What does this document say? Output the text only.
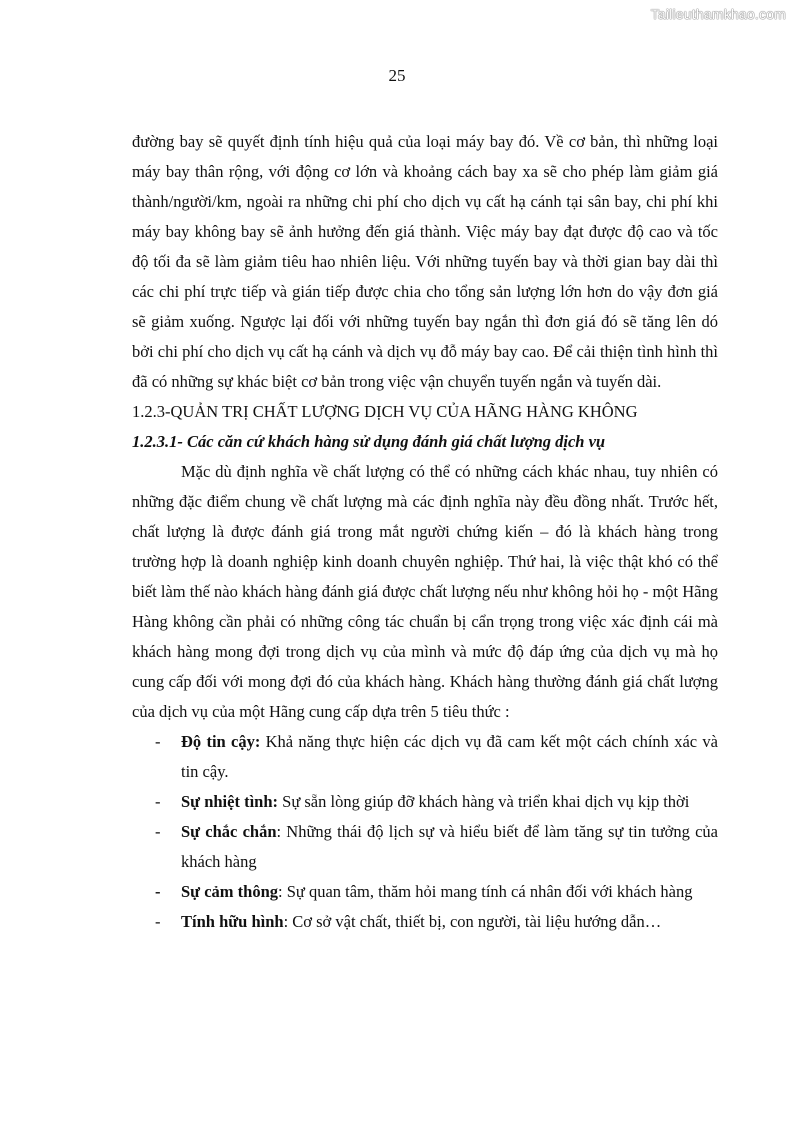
Tailieuthamkhao.com
25

đường bay sẽ quyết định tính hiệu quả của loại máy bay đó. Về cơ bản, thì những loại máy bay thân rộng, với động cơ lớn và khoảng cách bay xa sẽ cho phép làm giảm giá thành/người/km, ngoài ra những chi phí cho dịch vụ cất hạ cánh tại sân bay, chi phí khi máy bay không bay sẽ ảnh hưởng đến giá thành. Việc máy bay đạt được độ cao và tốc độ tối đa sẽ làm giảm tiêu hao nhiên liệu. Với những tuyến bay và thời gian bay dài thì các chi phí trực tiếp và gián tiếp được chia cho tổng sản lượng lớn hơn do vậy đơn giá sẽ giảm xuống. Ngược lại đối với những tuyến bay ngắn thì đơn giá đó sẽ tăng lên dó bởi chi phí cho dịch vụ cất hạ cánh và dịch vụ đỗ máy bay cao. Để cải thiện tình hình thì đã có những sự khác biệt cơ bản trong việc vận chuyển tuyến ngắn và tuyến dài.

1.2.3-QUẢN TRỊ CHẤT LƯỢNG DỊCH VỤ CỦA HÃNG HÀNG KHÔNG

1.2.3.1- Các căn cứ khách hàng sử dụng đánh giá chất lượng dịch vụ

Mặc dù định nghĩa về chất lượng có thể có những cách khác nhau, tuy nhiên có những đặc điểm chung về chất lượng mà các định nghĩa này đều đồng nhất. Trước hết, chất lượng là được đánh giá trong mắt người chứng kiến – đó là khách hàng trong trường hợp là doanh nghiệp kinh doanh chuyên nghiệp. Thứ hai, là việc thật khó có thể biết làm thế nào khách hàng đánh giá được chất lượng nếu như không hỏi họ - một Hãng Hàng không cần phải có những công tác chuẩn bị cẩn trọng trong việc xác định cái mà khách hàng mong đợi trong dịch vụ của mình và mức độ đáp ứng của dịch vụ mà họ cung cấp đối với mong đợi đó của khách hàng. Khách hàng thường đánh giá chất lượng của dịch vụ của một Hãng cung cấp dựa trên 5 tiêu thức :

- Độ tin cậy: Khả năng thực hiện các dịch vụ đã cam kết một cách chính xác và tin cậy.
- Sự nhiệt tình: Sự sẵn lòng giúp đỡ khách hàng và triển khai dịch vụ kịp thời
- Sự chắc chắn: Những thái độ lịch sự và hiểu biết để làm tăng sự tin tưởng của khách hàng
- Sự cảm thông: Sự quan tâm, thăm hỏi mang tính cá nhân đối với khách hàng
- Tính hữu hình: Cơ sở vật chất, thiết bị, con người, tài liệu hướng dẫn…
